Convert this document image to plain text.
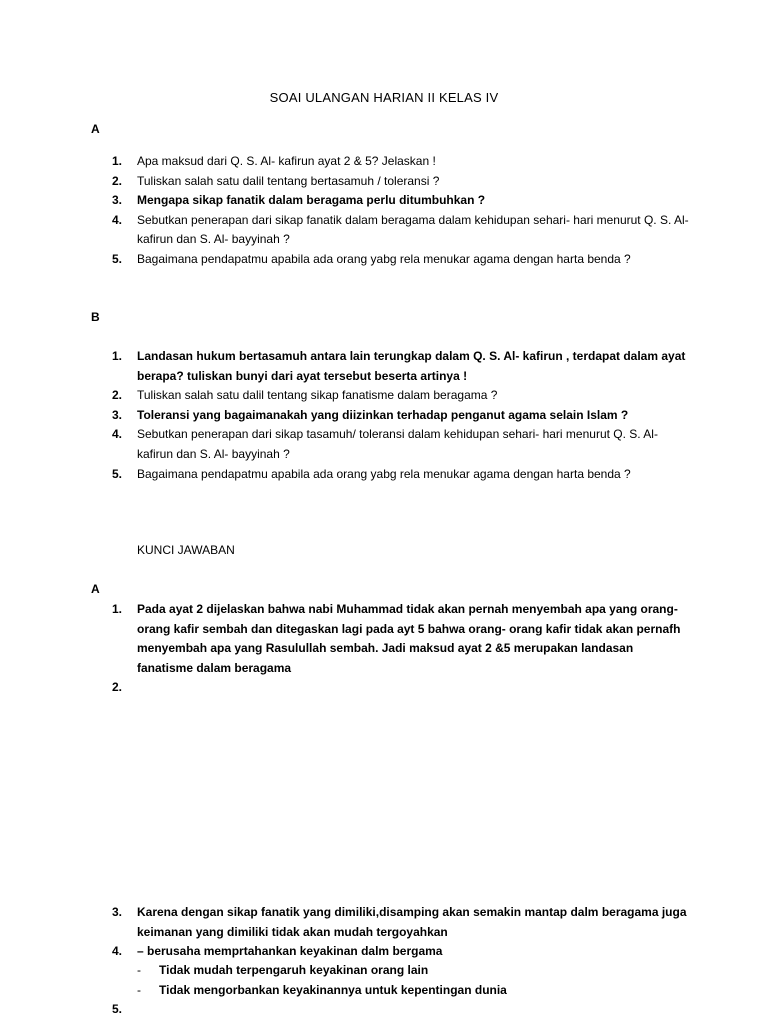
SOAI ULANGAN HARIAN II KELAS IV
A
1. Apa maksud dari Q. S. Al- kafirun ayat 2 & 5? Jelaskan !
2. Tuliskan salah satu dalil tentang bertasamuh / toleransi ?
3. Mengapa sikap fanatik dalam beragama perlu ditumbuhkan ?
4. Sebutkan penerapan dari sikap fanatik dalam beragama dalam kehidupan sehari- hari menurut Q. S. Al- kafirun dan S. Al- bayyinah ?
5. Bagaimana pendapatmu apabila ada orang yabg rela menukar agama dengan harta benda ?
B
1. Landasan hukum bertasamuh antara lain terungkap dalam Q. S. Al- kafirun , terdapat dalam ayat berapa? tuliskan bunyi dari ayat tersebut beserta artinya !
2. Tuliskan salah satu dalil tentang sikap fanatisme dalam beragama ?
3. Toleransi yang bagaimanakah yang diizinkan terhadap penganut agama selain Islam ?
4. Sebutkan penerapan dari sikap tasamuh/ toleransi dalam kehidupan sehari- hari menurut Q. S. Al- kafirun dan S. Al- bayyinah ?
5. Bagaimana pendapatmu apabila ada orang yabg rela menukar agama dengan harta benda ?
KUNCI JAWABAN
A
1. Pada ayat 2 dijelaskan bahwa nabi Muhammad tidak akan pernah menyembah apa yang orang- orang kafir sembah dan ditegaskan lagi pada ayt 5 bahwa orang- orang kafir tidak akan pernafh menyembah apa yang Rasulullah sembah. Jadi maksud ayat 2 &5 merupakan landasan fanatisme dalam beragama
2.

3. Karena dengan sikap fanatik yang dimiliki,disamping akan semakin mantap dalm beragama juga keimanan yang dimiliki tidak akan mudah tergoyahkan
4. – berusaha memprtahankan keyakinan dalm bergama
- Tidak mudah terpengaruh keyakinan orang lain
- Tidak mengorbankan keyakinannya untuk kepentingan dunia
5.
